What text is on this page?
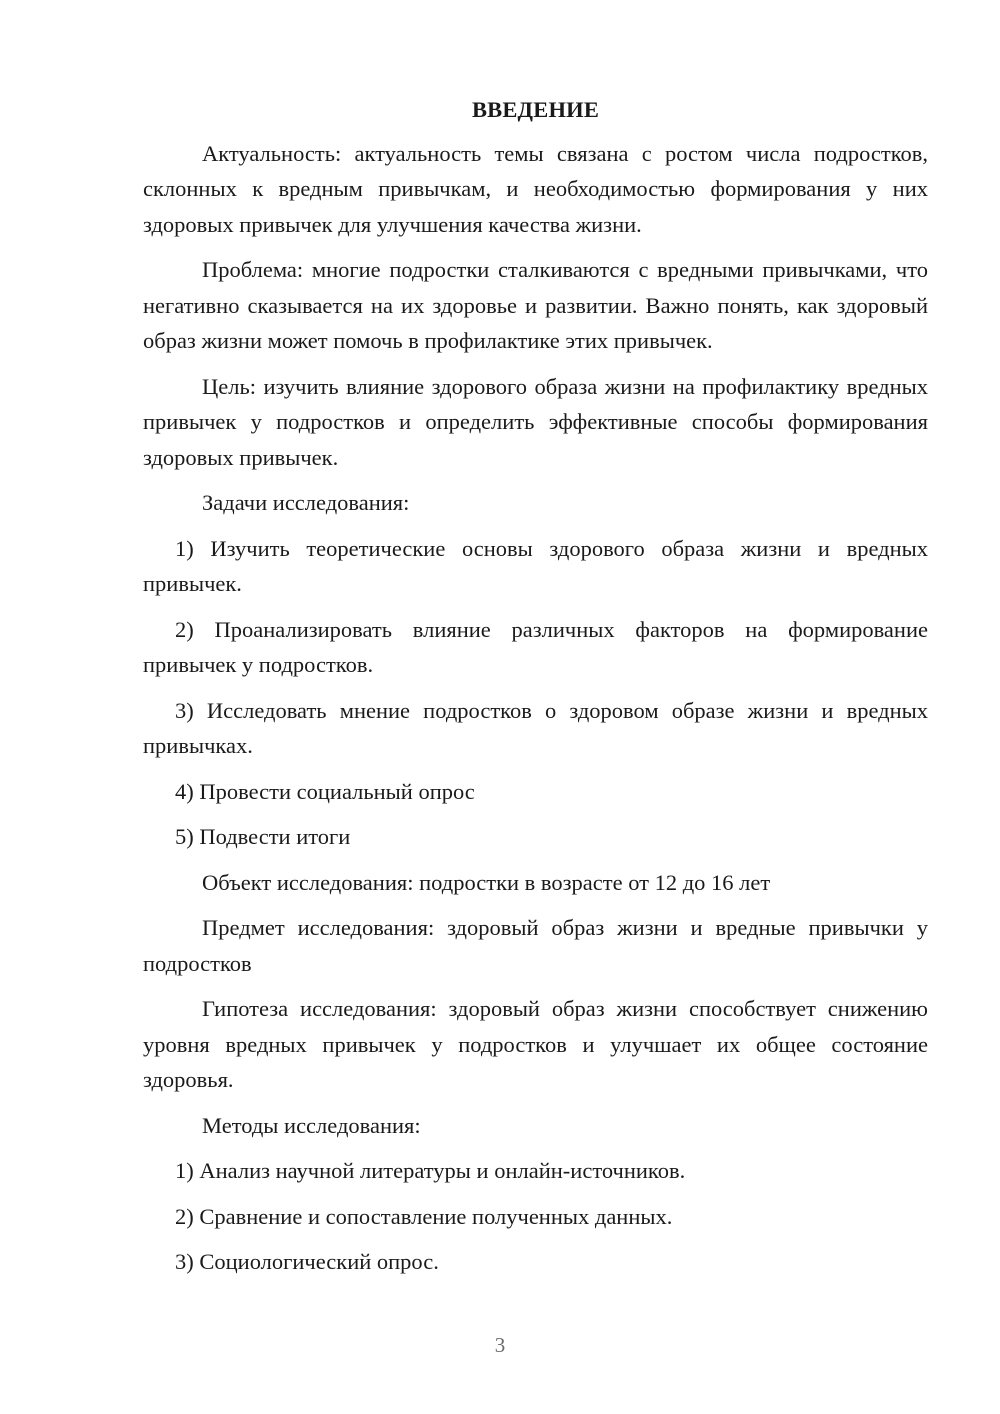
ВВЕДЕНИЕ
Актуальность: актуальность темы связана с ростом числа подростков, склонных к вредным привычкам, и необходимостью формирования у них здоровых привычек для улучшения качества жизни.
Проблема: многие подростки сталкиваются с вредными привычками, что негативно сказывается на их здоровье и развитии. Важно понять, как здоровый образ жизни может помочь в профилактике этих привычек.
Цель: изучить влияние здорового образа жизни на профилактику вредных привычек у подростков и определить эффективные способы формирования здоровых привычек.
Задачи исследования:
1) Изучить теоретические основы здорового образа жизни и вредных привычек.
2) Проанализировать влияние различных факторов на формирование привычек у подростков.
3) Исследовать мнение подростков о здоровом образе жизни и вредных привычках.
4) Провести социальный опрос
5) Подвести итоги
Объект исследования: подростки в возрасте от 12 до 16 лет
Предмет исследования: здоровый образ жизни и вредные привычки у подростков
Гипотеза исследования: здоровый образ жизни способствует снижению уровня вредных привычек у подростков и улучшает их общее состояние здоровья.
Методы исследования:
1) Анализ научной литературы и онлайн-источников.
2) Сравнение и сопоставление полученных данных.
3) Социологический опрос.
3
